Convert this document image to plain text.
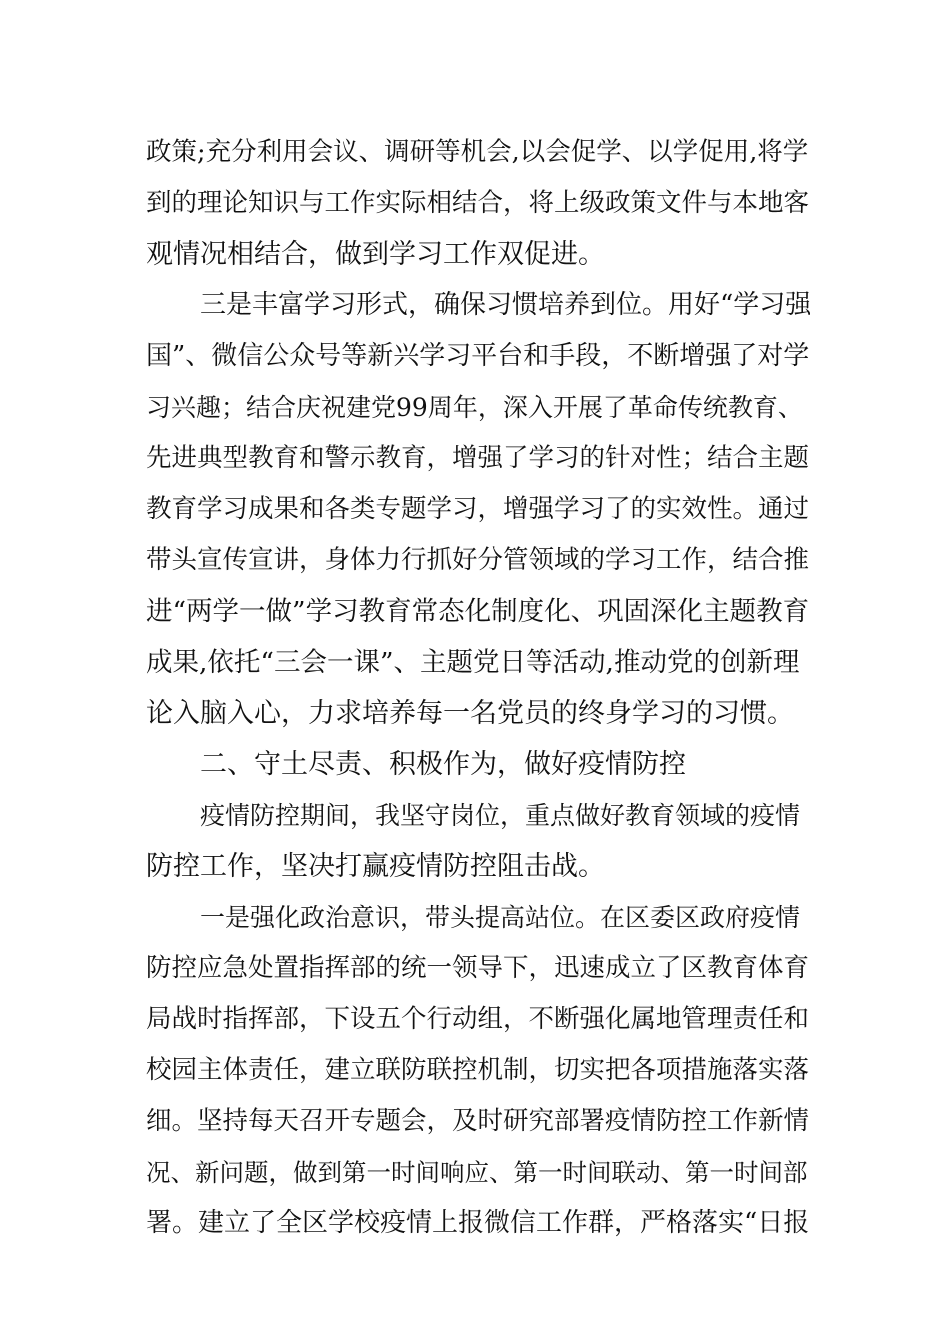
政策;充分利用会议、调研等机会,以会促学、以学促用,将学
到的理论知识与工作实际相结合，将上级政策文件与本地客
观情况相结合，做到学习工作双促进。
三是丰富学习形式，确保习惯培养到位。用好“学习强
国”、微信公众号等新兴学习平台和手段，不断增强了对学
习兴趣；结合庆祝建党99周年，深入开展了革命传统教育、
先进典型教育和警示教育，增强了学习的针对性；结合主题
教育学习成果和各类专题学习，增强学习了的实效性。通过
带头宣传宣讲，身体力行抓好分管领域的学习工作，结合推
进“两学一做”学习教育常态化制度化、巩固深化主题教育
成果,依托“三会一课”、主题党日等活动,推动党的创新理
论入脑入心，力求培养每一名党员的终身学习的习惯。
二、守土尽责、积极作为，做好疫情防控
疫情防控期间，我坚守岗位，重点做好教育领域的疫情
防控工作，坚决打赢疫情防控阻击战。
一是强化政治意识，带头提高站位。在区委区政府疫情
防控应急处置指挥部的统一领导下，迅速成立了区教育体育
局战时指挥部，下设五个行动组，不断强化属地管理责任和
校园主体责任，建立联防联控机制，切实把各项措施落实落
细。坚持每天召开专题会，及时研究部署疫情防控工作新情
况、新问题，做到第一时间响应、第一时间联动、第一时间部
署。建立了全区学校疫情上报微信工作群，严格落实“日报
